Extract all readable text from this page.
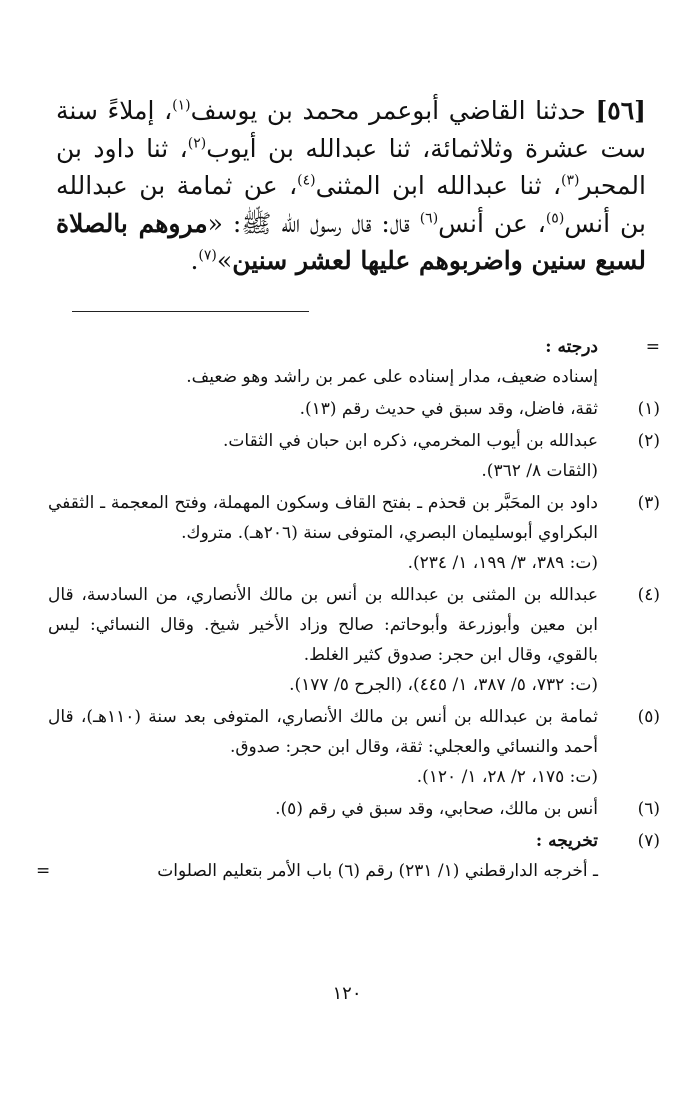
[٥٦] حدثنا القاضي أبوعمر محمد بن يوسف$^{(١)}$، إملاءً سنة ست عشرة وثلاثمائة، ثنا عبدالله بن أيوب$^{(٢)}$، ثنا داود بن المحبر$^{(٣)}$، ثنا عبدالله ابن المثنى$^{(٤)}$، عن ثمامة بن عبدالله بن أنس$^{(٥)}$، عن أنس$^{(٦)}$ قال: قال رسول الله ﷺ: «مروهم بالصلاة لسبع سنين واضربوهم عليها لعشر سنين»$^{(٧)}$.

=
درجته :
إسناده ضعيف، مدار إسناده على عمر بن راشد وهو ضعيف.
(١)
ثقة، فاضل، وقد سبق في حديث رقم (١٣).
(٢)
عبدالله بن أيوب المخرمي، ذكره ابن حبان في الثقات.
(الثقات ٨/ ٣٦٢).
(٣)
داود بن المحَبَّر بن قحذم ـ بفتح القاف وسكون المهملة، وفتح المعجمة ـ الثقفي البكراوي أبوسليمان البصري، المتوفى سنة (٢٠٦هـ). متروك.
(ت: ٣٨٩، ٣/ ١٩٩، ١/ ٢٣٤).
(٤)
عبدالله بن المثنى بن عبدالله بن أنس بن مالك الأنصاري، من السادسة، قال ابن معين وأبوزرعة وأبوحاتم: صالح وزاد الأخير شيخ. وقال النسائي: ليس بالقوي، وقال ابن حجر: صدوق كثير الغلط.
(ت: ٧٣٢، ٥/ ٣٨٧، ١/ ٤٤٥)، (الجرح ٥/ ١٧٧).
(٥)
ثمامة بن عبدالله بن أنس بن مالك الأنصاري، المتوفى بعد سنة (١١٠هـ)، قال أحمد والنسائي والعجلي: ثقة، وقال ابن حجر: صدوق.
(ت: ١٧٥، ٢/ ٢٨، ١/ ١٢٠).
(٦)
أنس بن مالك، صحابي، وقد سبق في رقم (٥).
(٧)
تخريجه :
ـ أخرجه الدارقطني (١/ ٢٣١) رقم (٦) باب الأمر بتعليم الصلوات
=
١٢٠
